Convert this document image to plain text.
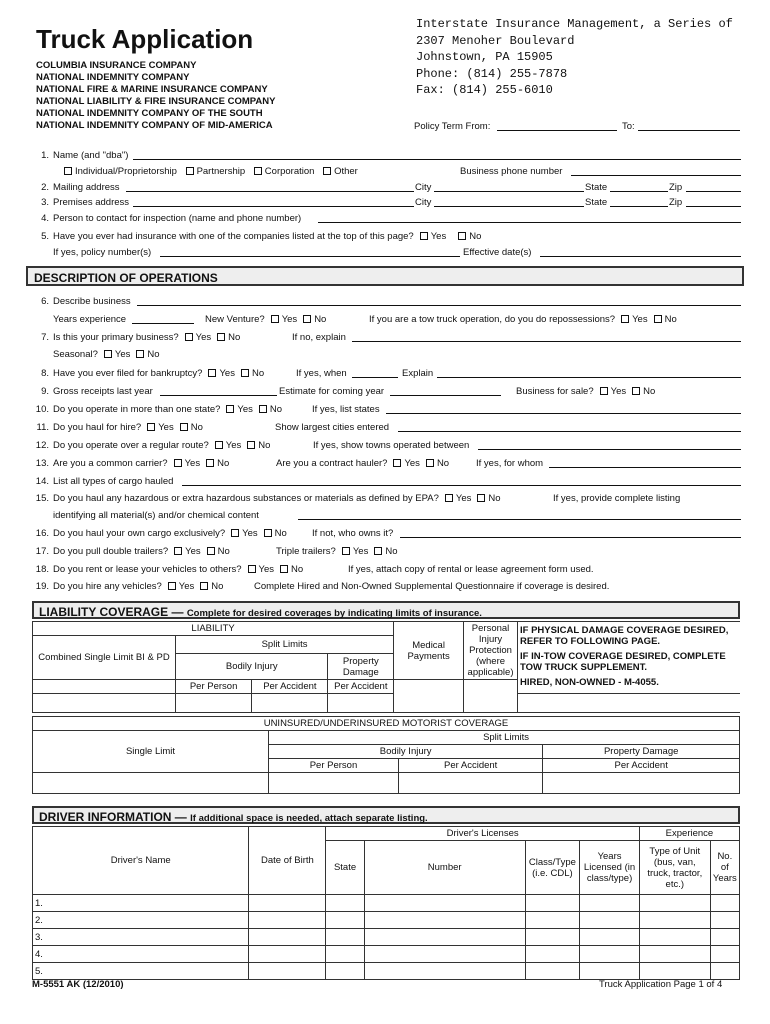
Truck Application
COLUMBIA INSURANCE COMPANY
NATIONAL INDEMNITY COMPANY
NATIONAL FIRE & MARINE INSURANCE COMPANY
NATIONAL LIABILITY & FIRE INSURANCE COMPANY
NATIONAL INDEMNITY COMPANY OF THE SOUTH
NATIONAL INDEMNITY COMPANY OF MID-AMERICA
Interstate Insurance Management, a Series of
2307 Menoher Boulevard
Johnstown, PA 15905
Phone: (814) 255-7878
Fax: (814) 255-6010
Policy Term From:	To:
1. Name (and "dba")
Individual/Proprietorship Partnership Corporation Other	Business phone number
2. Mailing address	City	State	Zip
3. Premises address	City	State	Zip
4. Person to contact for inspection (name and phone number)
5. Have you ever had insurance with one of the companies listed at the top of this page? Yes No
If yes, policy number(s)	Effective date(s)
DESCRIPTION OF OPERATIONS
6. Describe business
Years experience	New Venture? Yes No	If you are a tow truck operation, do you do repossessions? Yes No
7. Is this your primary business? Yes No	If no, explain
Seasonal? Yes No
8. Have you ever filed for bankruptcy? Yes No	If yes, when	Explain
9. Gross receipts last year	Estimate for coming year	Business for sale? Yes No
10. Do you operate in more than one state? Yes No	If yes, list states
11. Do you haul for hire? Yes No	Show largest cities entered
12. Do you operate over a regular route? Yes No	If yes, show towns operated between
13. Are you a common carrier? Yes No	Are you a contract hauler? Yes No	If yes, for whom
14. List all types of cargo hauled
15. Do you haul any hazardous or extra hazardous substances or materials as defined by EPA? Yes No	If yes, provide complete listing
identifying all material(s) and/or chemical content
16. Do you haul your own cargo exclusively? Yes No	If not, who owns it?
17. Do you pull double trailers? Yes No	Triple trailers? Yes No
18. Do you rent or lease your vehicles to others? Yes No	If yes, attach copy of rental or lease agreement form used.
19. Do you hire any vehicles? Yes No	Complete Hired and Non-Owned Supplemental Questionnaire if coverage is desired.
LIABILITY COVERAGE — Complete for desired coverages by indicating limits of insurance.
LIABILITY				Medical Payments	Personal Injury Protection (where applicable)	IF PHYSICAL DAMAGE COVERAGE DESIRED, REFER TO FOLLOWING PAGE.
IF IN-TOW COVERAGE DESIRED, COMPLETE TOW TRUCK SUPPLEMENT.
HIRED, NON-OWNED - M-4055.

Combined Single Limit BI & PD	Split Limits					
	Bodily Injury		Property Damage			
	Per Person	Per Accident	Per Accident			

UNINSURED/UNDERINSURED MOTORIST COVERAGE			
Single Limit	Split Limits		
	Bodily Injury		Property Damage
	Per Person	Per Accident	Per Accident

DRIVER INFORMATION — If additional space is needed, attach separate listing.
Driver's Name	Date of Birth	Driver's Licenses				Experience	
		State	Number	Class/Type (i.e. CDL)	Years Licensed (in class/type)	Type of Unit (bus, van, truck, tractor, etc.)	No. of Years
1.							
2.							
3.							
4.							
5.							
M-5551 AK (12/2010)	Truck Application Page 1 of 4
